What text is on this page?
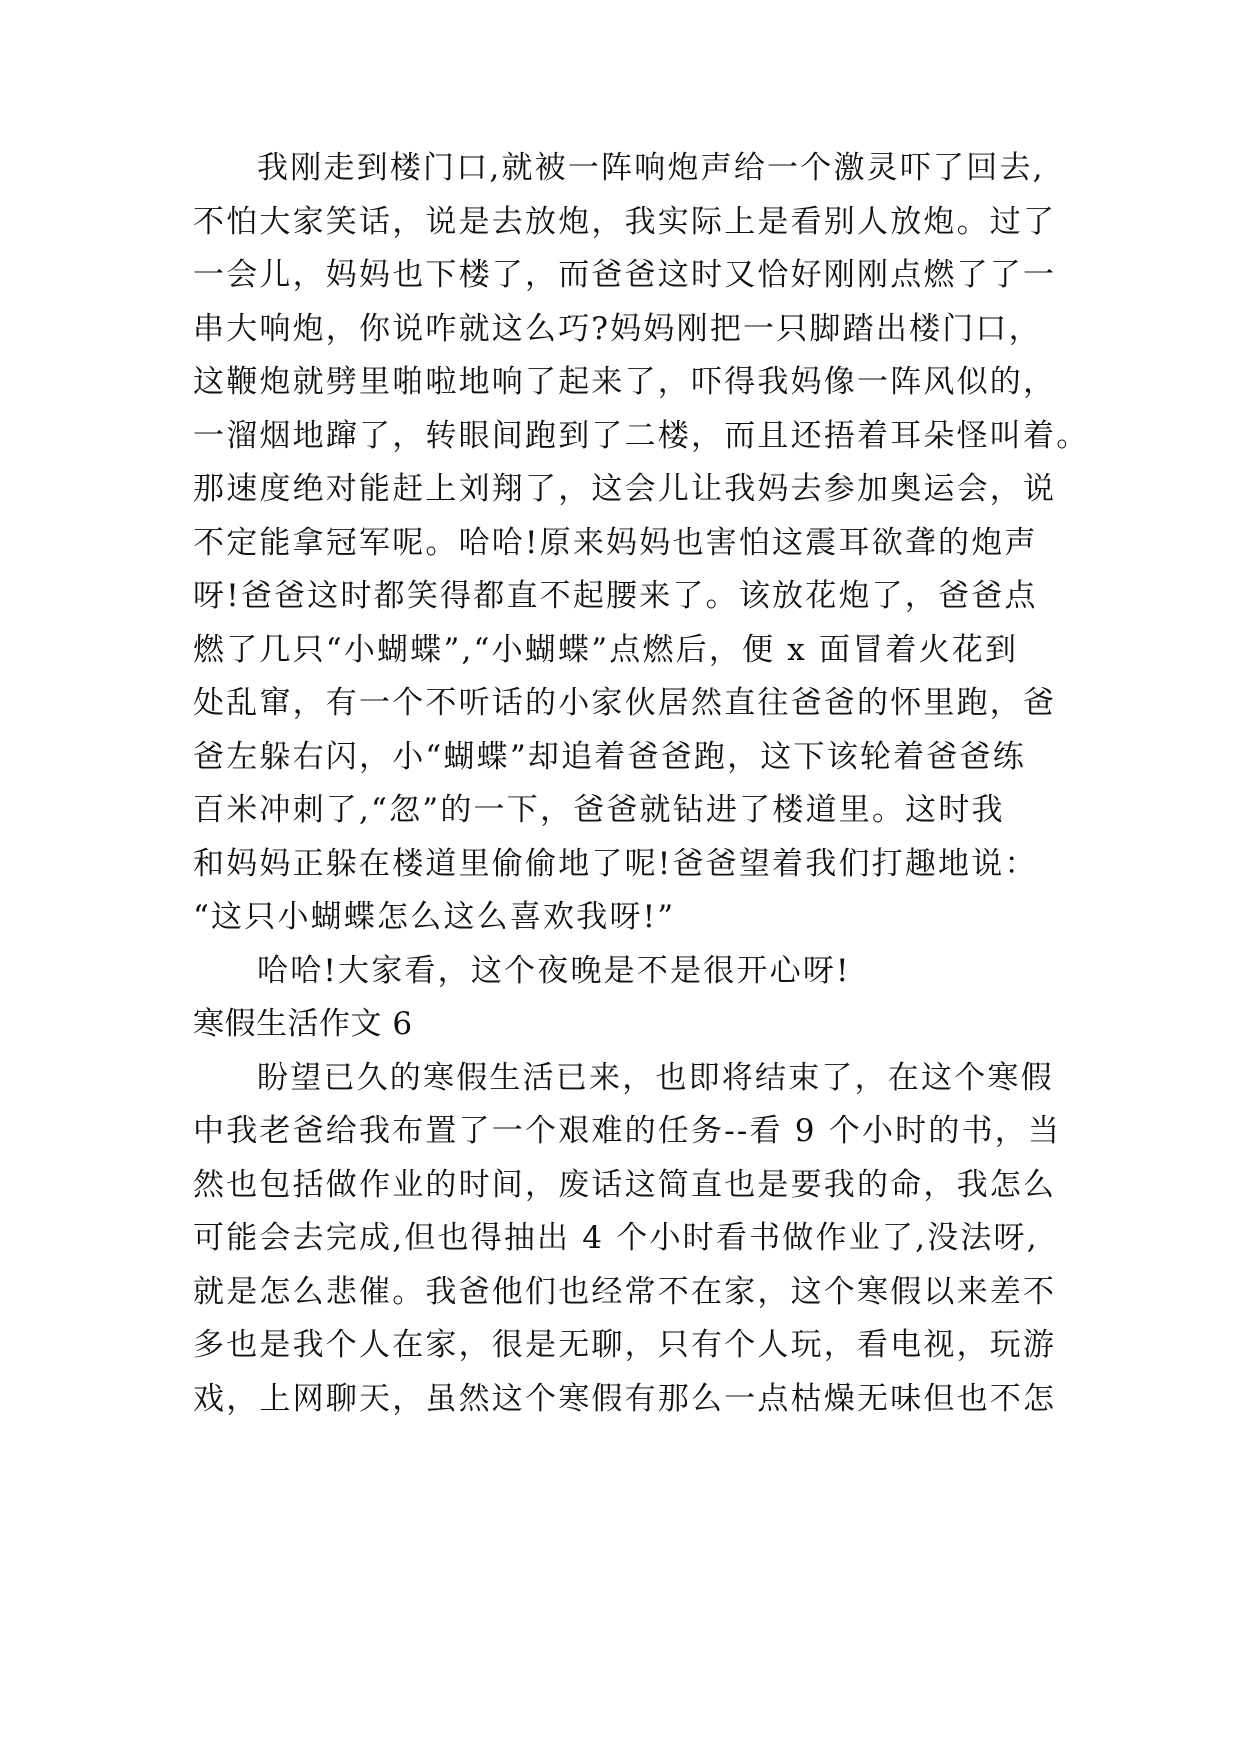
我刚走到楼门口,就被一阵响炮声给一个激灵吓了回去,
不怕大家笑话，说是去放炮，我实际上是看别人放炮。过了
一会儿，妈妈也下楼了，而爸爸这时又恰好刚刚点燃了了一
串大响炮，你说咋就这么巧?妈妈刚把一只脚踏出楼门口，
这鞭炮就劈里啪啦地响了起来了，吓得我妈像一阵风似的，
一溜烟地蹿了，转眼间跑到了二楼，而且还捂着耳朵怪叫着。
那速度绝对能赶上刘翔了，这会儿让我妈去参加奥运会，说
不定能拿冠军呢。哈哈!原来妈妈也害怕这震耳欲聋的炮声
呀!爸爸这时都笑得都直不起腰来了。该放花炮了，爸爸点
燃了几只“小蝴蝶”,“小蝴蝶”点燃后，便 x 面冒着火花到
处乱窜，有一个不听话的小家伙居然直往爸爸的怀里跑，爸
爸左躲右闪，小“蝴蝶”却追着爸爸跑，这下该轮着爸爸练
百米冲刺了,“忽”的一下，爸爸就钻进了楼道里。这时我
和妈妈正躲在楼道里偷偷地了呢!爸爸望着我们打趣地说：
“这只小蝴蝶怎么这么喜欢我呀!”
哈哈!大家看，这个夜晚是不是很开心呀!
寒假生活作文 6
盼望已久的寒假生活已来，也即将结束了，在这个寒假
中我老爸给我布置了一个艰难的任务--看 9 个小时的书，当
然也包括做作业的时间，废话这简直也是要我的命，我怎么
可能会去完成,但也得抽出 4 个小时看书做作业了,没法呀,
就是怎么悲催。我爸他们也经常不在家，这个寒假以来差不
多也是我个人在家，很是无聊，只有个人玩，看电视，玩游
戏，上网聊天，虽然这个寒假有那么一点枯燥无味但也不怎
